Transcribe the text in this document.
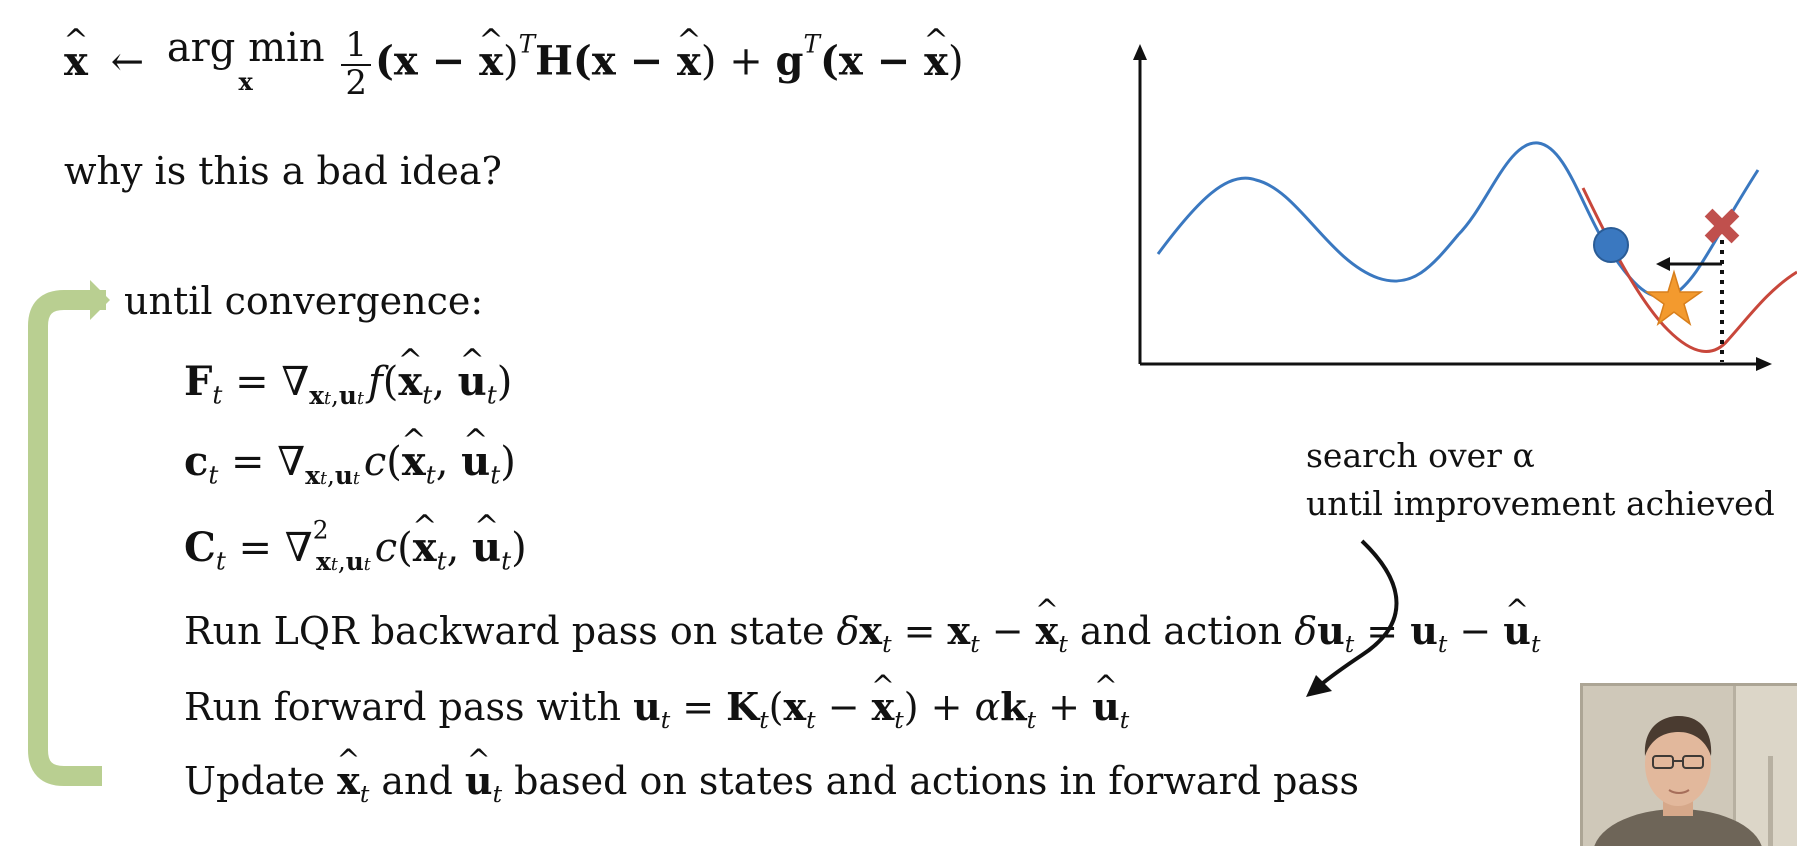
^ x ← arg min
x
	$\frac{1}{2} (x$ − ^ x)$^T$H(x − ^ $x) + g^T(x$ − ^ x)
why is this a bad idea?
until convergence:
$F_t = \nabla_{xt,ut}$ f(^ $x_t$, ^ $u_t$)
$c_t = \nabla_{xt,ut}$ c(^ $x_t$, ^ $u_t$)
$C_t = \nabla^2_{xt,ut}$ c(^ $x_t$, ^ $u_t$)
Run LQR backward pass on state $\delta x_t = x_t$ − ^ $x_t$ and action $\delta u_t = u_t$ − ^ $u_t$
Run forward pass with $u_t = K_t(x_t$ − ^ $x_t) + \alpha k_t$ + ^ $u_t$
Update ^ $x_t$ and ^ $u_t$ based on states and actions in forward pass
search over α
until improvement achieved
